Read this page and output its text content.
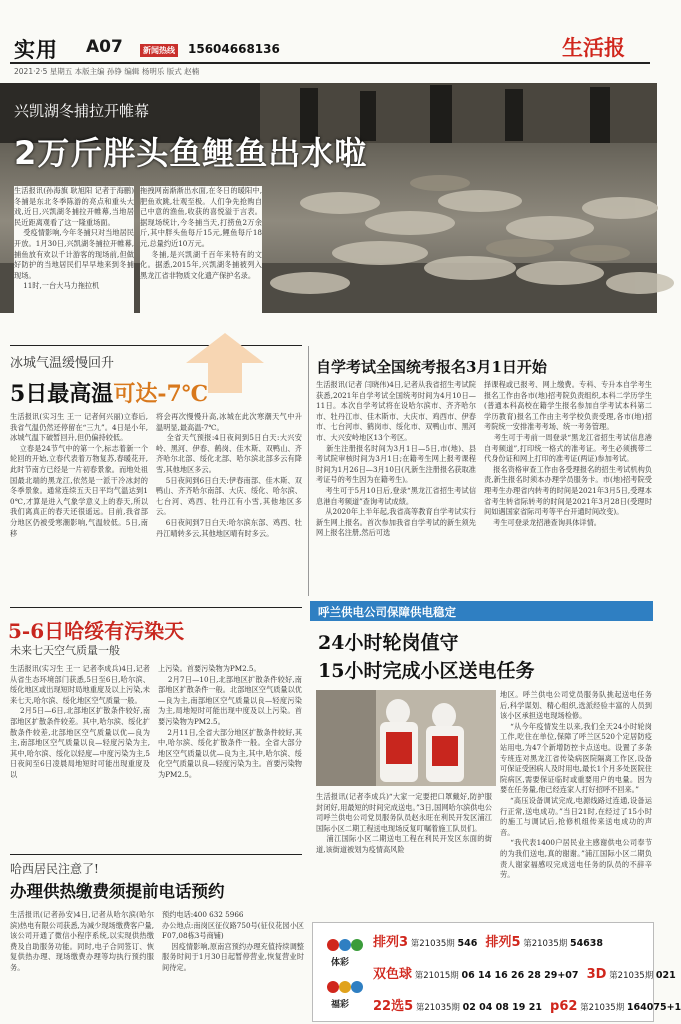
实用 A07	新闻热线 15604668136	生活报
2021·2·5 星期五 本版主编 孙铮 编辑 杨明乐 版式 赵楠
兴凯湖冬捕拉开帷幕
2万斤胖头鱼鲤鱼出水啦
生活报讯(孙海旗 耿旭阳 记者于海鹏)冬捕是东北冬季陈游的亮点和重头大戏,近日,兴凯湖冬捕拉开帷幕,当地居民近距离观看了这一隆重场面。
受疫情影响,今年冬捕只对当地居民开放。1月30日,兴凯湖冬捕拉开帷幕,捕鱼放有欢以千计游客的现场前,但做好防护的当地居民们早早地来到冬捕现场。
11时,一台大马力拖拉机
拖拽网南渐渐出水面,在冬日的暖阳中,肥鱼欢跳,壮观至极。人们争先抢购自己中意的渔鱼,收获的喜悦溢于言表。据现场统计,今冬捕当天,打捞鱼2万余斤,其中胖头鱼每斤15元,鲤鱼每斤18元,总量约近10万元。
冬捕,是兴凯湖千百年来特有的文化。据悉,2015年,兴凯湖冬捕被列入黑龙江省非物质文化遗产保护名录。
冰城气温缓慢回升
5日最高温可达-7℃
生活报讯(实习生 王一 记者何兴丽)立春后,我省气温仍然还停留在“三九”。4日是小年,冰城气温下破暂回升,但仍偏持较低。
立春是24节气中的第一个,标志着新一个轮回的开始,立春代表着万物复苏,春暖花开,此时节南方已经是一片初春景象。而地处祖国最北端的黑龙江,依然是一派干冷冰封的冬季景象。通常连续五天日平均气温达到10℃,才算是进入气象学意义上的春天,所以我们离真正的春天还很遥远。目前,我省部分地区仍被受寒潮影响,气温较低。5日,南移
将会再次慢慢升高,冰城在此次寒潮天气中升温明显,最高温-7℃。
全省天气预报:4日夜间到5日白天:大兴安岭、黑河、伊春、鹤岗、佳木斯、双鸭山、齐齐哈尔北部、绥化北部、哈尔滨北部多云有降雪,其他地区多云。
5日夜间到6日白天:伊春南部、佳木斯、双鸭山、齐齐哈尔南部、大庆、绥化、哈尔滨、七台河、鸡西、牡丹江有小雪,其他地区多云。
6日夜间到7日白天:哈尔滨东部、鸡西、牡丹江晴转多云,其他地区晴有时多云。
自学考试全国统考报名3月1日开始
生活报讯(记者 闫晓伟)4日,记者从我省招生考试院获悉,2021年自学考试全国统考时间为4月10日—11日。本次自学考试将在设哈尔滨市、齐齐哈尔市、牡丹江市、佳木斯市、大庆市、鸡西市、伊春市、七台河市、鹤岗市、绥化市、双鸭山市、黑河市、大兴安岭地区13个考区。
新生注册报名时间为3月1日—5日,市(地)、县考试院审核时间为3月1日;在籍考生网上报考课程时间为1月26日—3月10日(凡新生注册报名获取准考证号的考生因为在籍考生)。
考生可于5月10日后,登录“黑龙江省招生考试信息港自考频道”查询考试成绩。
从2020年上半年起,我省高等教育自学考试实行新生网上报名。首次参加我省自学考试的新生须先网上报名注册,然后可选
择课程或已报考、网上缴费。专科、专升本自学考生报名工作由各市(地)招考院负责组织,本科二学历学生(普通本科高校在籍学生报名参加自学考试本科第二学历教育)报名工作由主考学校负责受理,各市(地)招考院统一安排准考考场、统一考务管理。
考生可于考前一周登录“黑龙江省招生考试信息港自考频道”,打印统一格式的准考证。考生必须携带二代身份证和网上打印的准考证(两证)参加考试。
报名资格审查工作由各受理报名的招生考试机构负责,新生报名时须本办理学员服务卡。市(地)招考院受理考生办理省内转考的时间是2021年3月5日,受理本省考生转省际转考的时间是2021年3月28日(受理时间如遇国家省际司考等平台开通时间改变)。
考生可登录龙招港查询具体详情。
5-6日哈绥有污染天
未来七天空气质量一般
生活报讯(实习生 王一 记者李成兵)4日,记者从省生态环境部门获悉,5日至6日,哈尔滨、绥化地区或出现短时局地重度及以上污染,未来七天,哈尔滨、绥化地区空气质量一般。
2月5日—6日,北部地区扩散条件较好,南部地区扩散条件较差。其中,哈尔滨、绥化扩散条件较差,北部地区空气质量以优—良为主,南部地区空气质量以良—轻度污染为主,其中,哈尔滨、绥化以轻度—中度污染为主,5日夜间至6日凌晨局地短时可能出现重度及以
上污染。首要污染物为PM2.5。
2月7日—10日,北部地区扩散条件较好,南部地区扩散条件一般。北部地区空气质量以优—良为主,南部地区空气质量以良—轻度污染为主,局地短时可能出现中度及以上污染。首要污染物为PM2.5。
2月11日,全省大部分地区扩散条件较好,其中,哈尔滨、绥化扩散条件一般。全省大部分地区空气质量以优—良为主,其中,哈尔滨、绥化空气质量以良—轻度污染为主。首要污染物为PM2.5。
呼兰供电公司保障供电稳定
24小时轮岗值守
15小时完成小区送电任务
生活报讯(记者李成兵)“大家一定要把口罩戴好,防护服封闭好,用最短的时间完成送电。”3日,国网哈尔滨供电公司呼兰供电公司党员服务队员赵永旺在利民开发区浦江国际小区二期工程送电现场反复叮嘱着施工队员们。
浦江国际小区二期送电工程在利民开发区东面的街道,该街道被划为疫情高风险
地区。呼兰供电公司党员服务队挑起送电任务后,科学谋划、精心组织,选派经验丰富的人员到该小区承担送电现场检修。
“从今年疫情发生以来,我们全天24小时轮岗工作,吃住在单位,保障了呼兰区520个定居防疫站用电,为47个新增防控卡点送电。设置了多条专班连对黑龙江省传染病医院隔离工作区,设备可保证受困病人及时用电,最长1个月多处医院住院病区,需要保证临时或重要用户的电量。因为要在任务量,他已经连家人打好招呼不回来。”
“高压设备调试完成,电源线路过连通,设备运行正常,送电成功。”当日21时,在经过了15小时的施工与调试后,抢修机组传来送电成功的声音。
“我代表1400户居民业主感谢供电公司奉节的为我们送电,真的谢谢。”浦江国际小区二期负责人谢家福感叹完成送电任务的队员的不辞辛劳。
哈西居民注意了!
办理供热缴费须提前电话预约
生活报讯(记者孙安)4日,记者从哈尔滨(哈尔滨)热电有限公司获悉,为减少现场缴费客户量,该公司开通了微信小程序系统,以实现供热缴费及自助服务功能。同时,电子合同签订、恢复供热办理、现场缴费办理等均执行预约服务。
预约电话:400 632 5966
办公地点:南岗区征仪路750号(征仪花园小区F07,08栋3号商铺)
因疫情影响,原南宫预约办理充值持续调整服务时间于1月30日起暂停营业,恢复营业时间待定。	体彩
福彩
排列3 第21035期 546 排列5 第21035期 54638
双色球 第21015期 06 14 16 26 28 29+07 3D 第21035期 021
22选5 第21035期 02 04 08 19 21 p62 第21035期 164075+1
